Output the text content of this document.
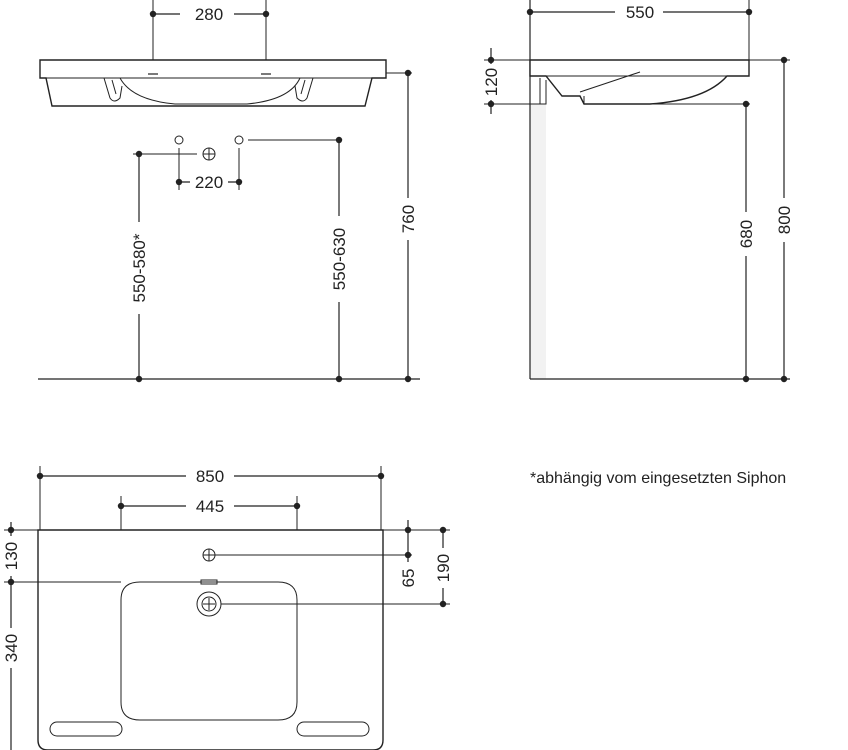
280
220
550-580*	550-630
760
550
120
680 800
850
445
130
340
65 190
*abhängig vom eingesetzten Siphon
